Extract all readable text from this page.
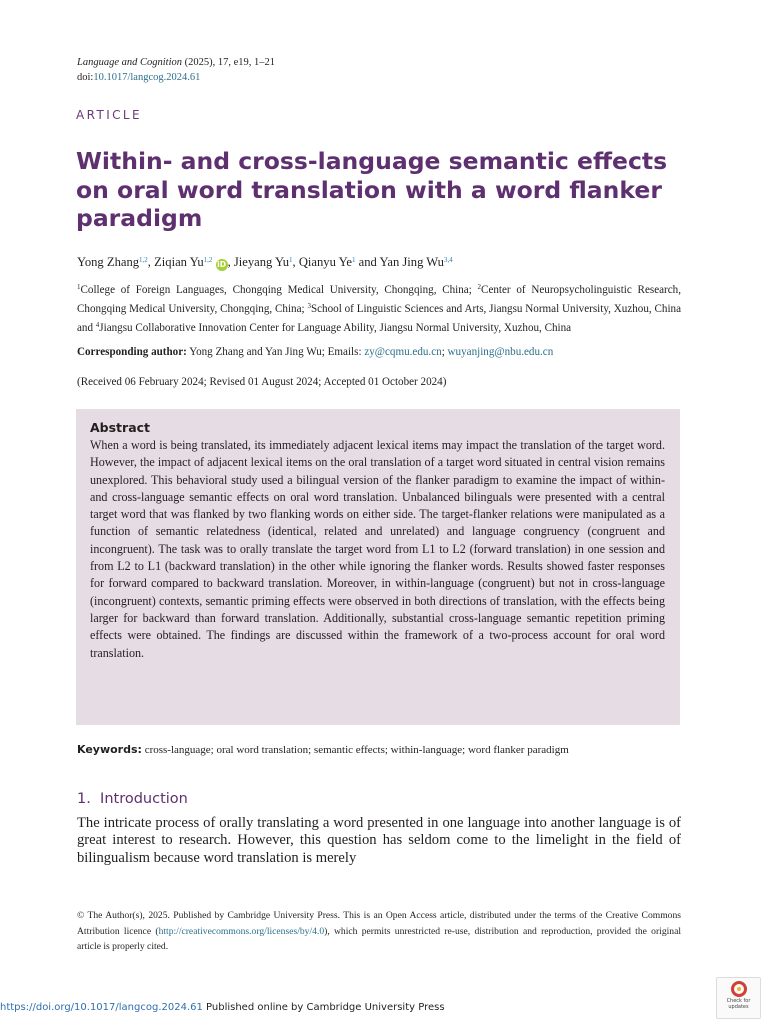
Language and Cognition (2025), 17, e19, 1–21
doi:10.1017/langcog.2024.61
ARTICLE
Within- and cross-language semantic effects on oral word translation with a word flanker paradigm
Yong Zhang$^{1,2}$, Ziqian Yu$^{1,2}$ iD , Jieyang Yu$^1$, Qianyu Ye$^1$ and Yan Jing Wu$^{3,4}$
$^1$College of Foreign Languages, Chongqing Medical University, Chongqing, China; $^2$Center of Neuropsycholinguistic Research, Chongqing Medical University, Chongqing, China; $^3$School of Linguistic Sciences and Arts, Jiangsu Normal University, Xuzhou, China and $^4$Jiangsu Collaborative Innovation Center for Language Ability, Jiangsu Normal University, Xuzhou, China
Corresponding author: Yong Zhang and Yan Jing Wu; Emails: zy@cqmu.edu.cn; wuyanjing@nbu.edu.cn
(Received 06 February 2024; Revised 01 August 2024; Accepted 01 October 2024)
Abstract
When a word is being translated, its immediately adjacent lexical items may impact the translation of the target word. However, the impact of adjacent lexical items on the oral translation of a target word situated in central vision remains unexplored. This behavioral study used a bilingual version of the flanker paradigm to examine the impact of within- and cross-language semantic effects on oral word translation. Unbalanced bilinguals were presented with a central target word that was flanked by two flanking words on either side. The target-flanker relations were manipulated as a function of semantic relatedness (identical, related and unrelated) and language congruency (congruent and incongruent). The task was to orally translate the target word from L1 to L2 (forward translation) in one session and from L2 to L1 (backward translation) in the other while ignoring the flanker words. Results showed faster responses for forward compared to backward translation. Moreover, in within-language (congruent) but not in cross-language (incongruent) contexts, semantic priming effects were observed in both directions of translation, with the effects being larger for backward than forward translation. Additionally, substantial cross-language semantic repetition priming effects were obtained. The findings are discussed within the framework of a two-process account for oral word translation.
Keywords: cross-language; oral word translation; semantic effects; within-language; word flanker paradigm
1.  Introduction
The intricate process of orally translating a word presented in one language into another language is of great interest to research. However, this question has seldom come to the limelight in the field of bilingualism because word translation is merely
© The Author(s), 2025. Published by Cambridge University Press. This is an Open Access article, distributed under the terms of the Creative Commons Attribution licence (http://creativecommons.org/licenses/by/4.0), which permits unrestricted re-use, distribution and reproduction, provided the original article is properly cited.
https://doi.org/10.1017/langcog.2024.61 Published online by Cambridge University Press
Check for
updates
